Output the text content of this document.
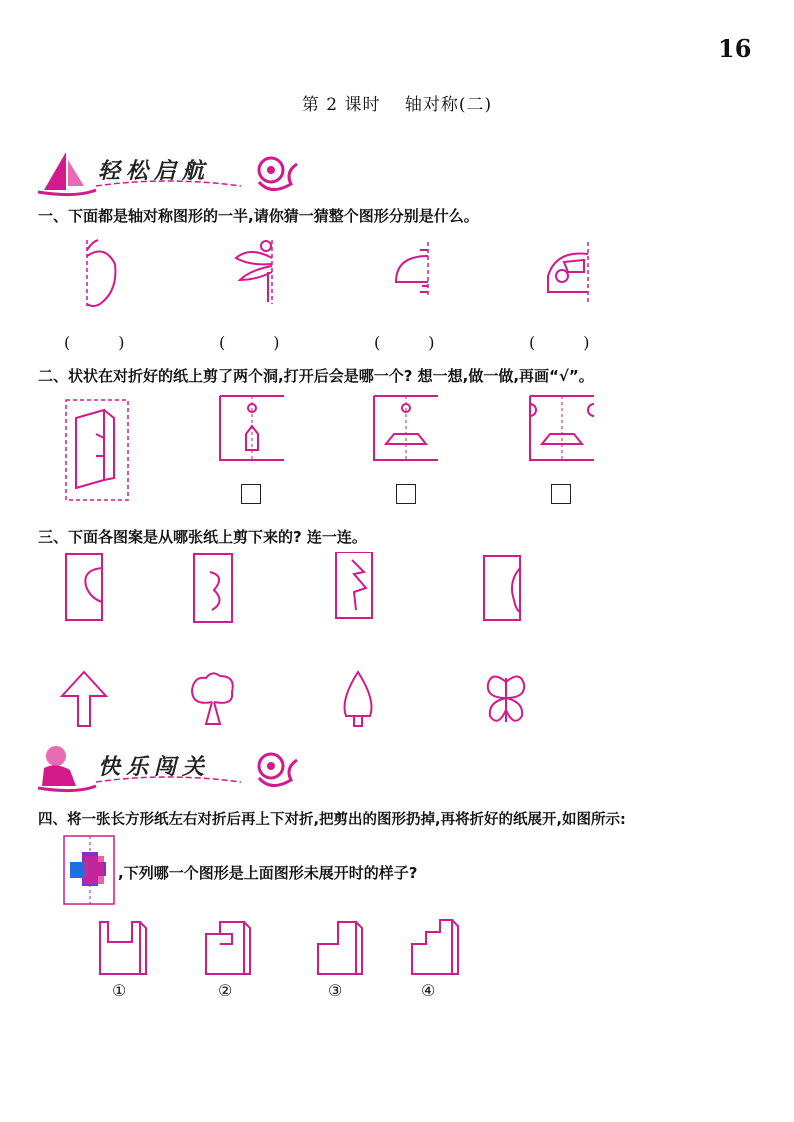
16
第 2 课时　 轴对称(二)
轻松启航
一、下面都是轴对称图形的一半,请你猜一猜整个图形分别是什么。
(　　　)	(　　　)	(　　　)	(　　　)
二、状状在对折好的纸上剪了两个洞,打开后会是哪一个? 想一想,做一做,再画“√”。
三、下面各图案是从哪张纸上剪下来的? 连一连。
快乐闯关
四、将一张长方形纸左右对折后再上下对折,把剪出的图形扔掉,再将折好的纸展开,如图所示:
,下列哪一个图形是上面图形未展开时的样子?
①	②	③	④
